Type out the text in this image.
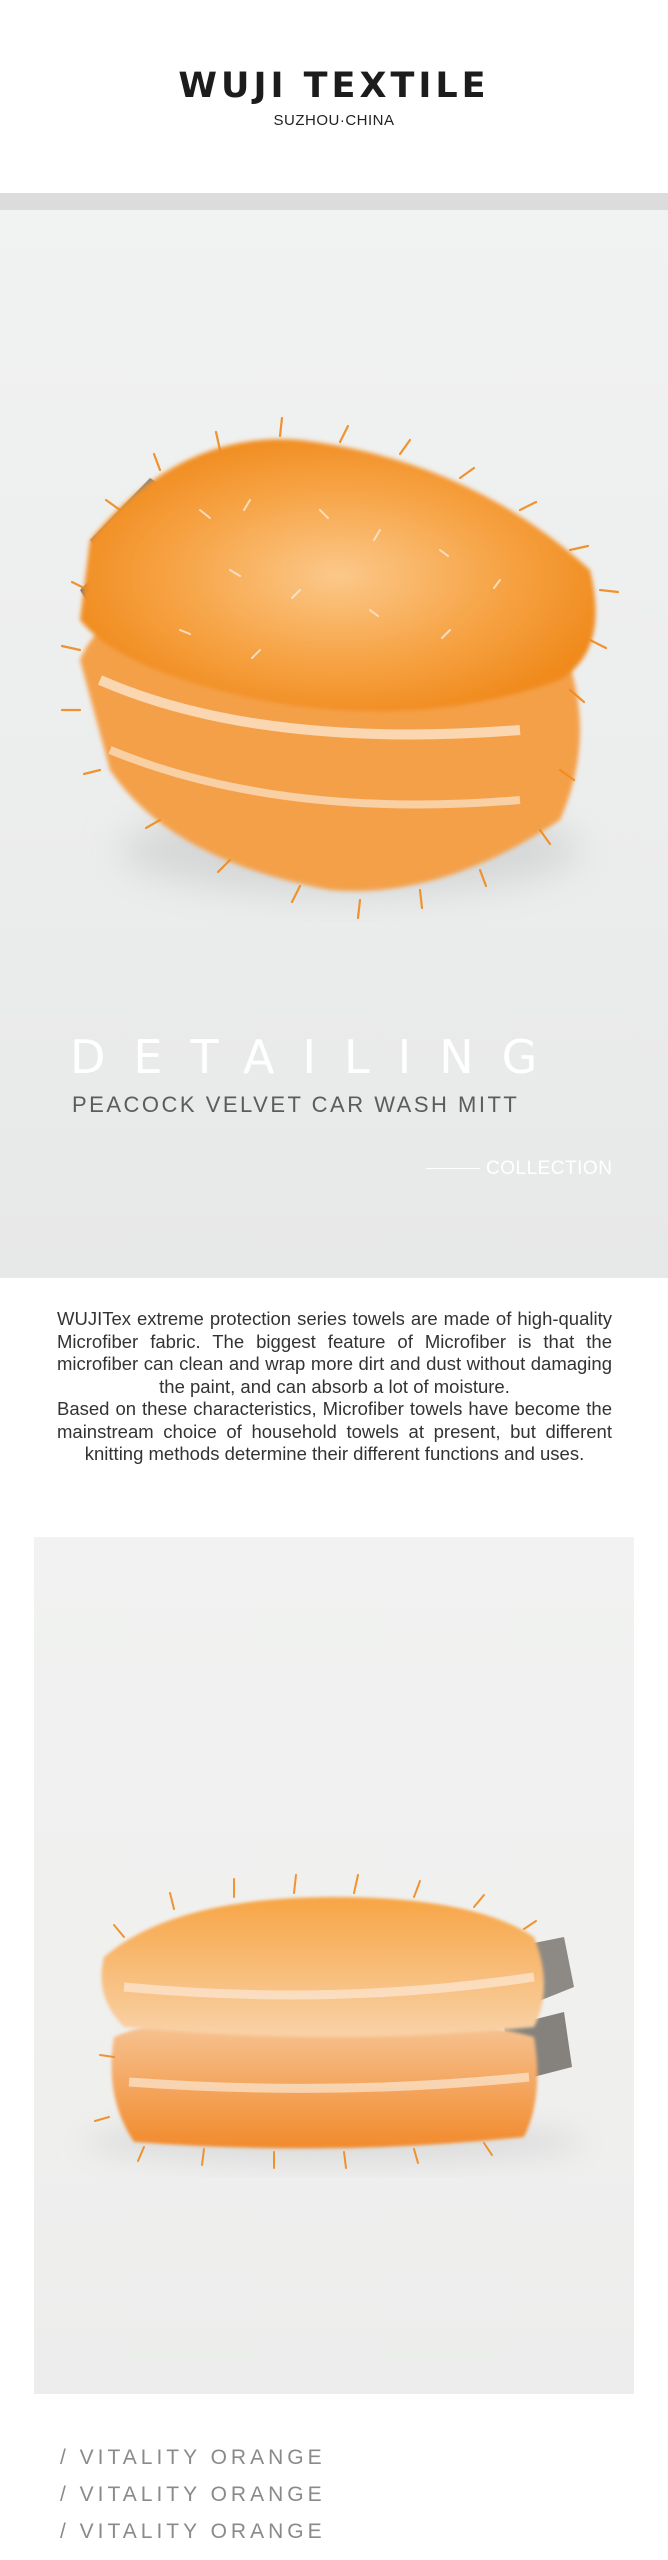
WUJI TEXTILE
SUZHOU·CHINA
DETAILING
PEACOCK VELVET CAR WASH MITT
COLLECTION

WUJITex extreme protection series towels are made of high-quality Microfiber fabric. The biggest feature of Microfiber is that the microfiber can clean and wrap more dirt and dust without damaging the paint, and can absorb a lot of moisture.

Based on these characteristics, Microfiber towels have become the mainstream choice of household towels at present, but different knitting methods determine their different functions and uses.

/ VITALITY ORANGE
/ VITALITY ORANGE
/ VITALITY ORANGE
